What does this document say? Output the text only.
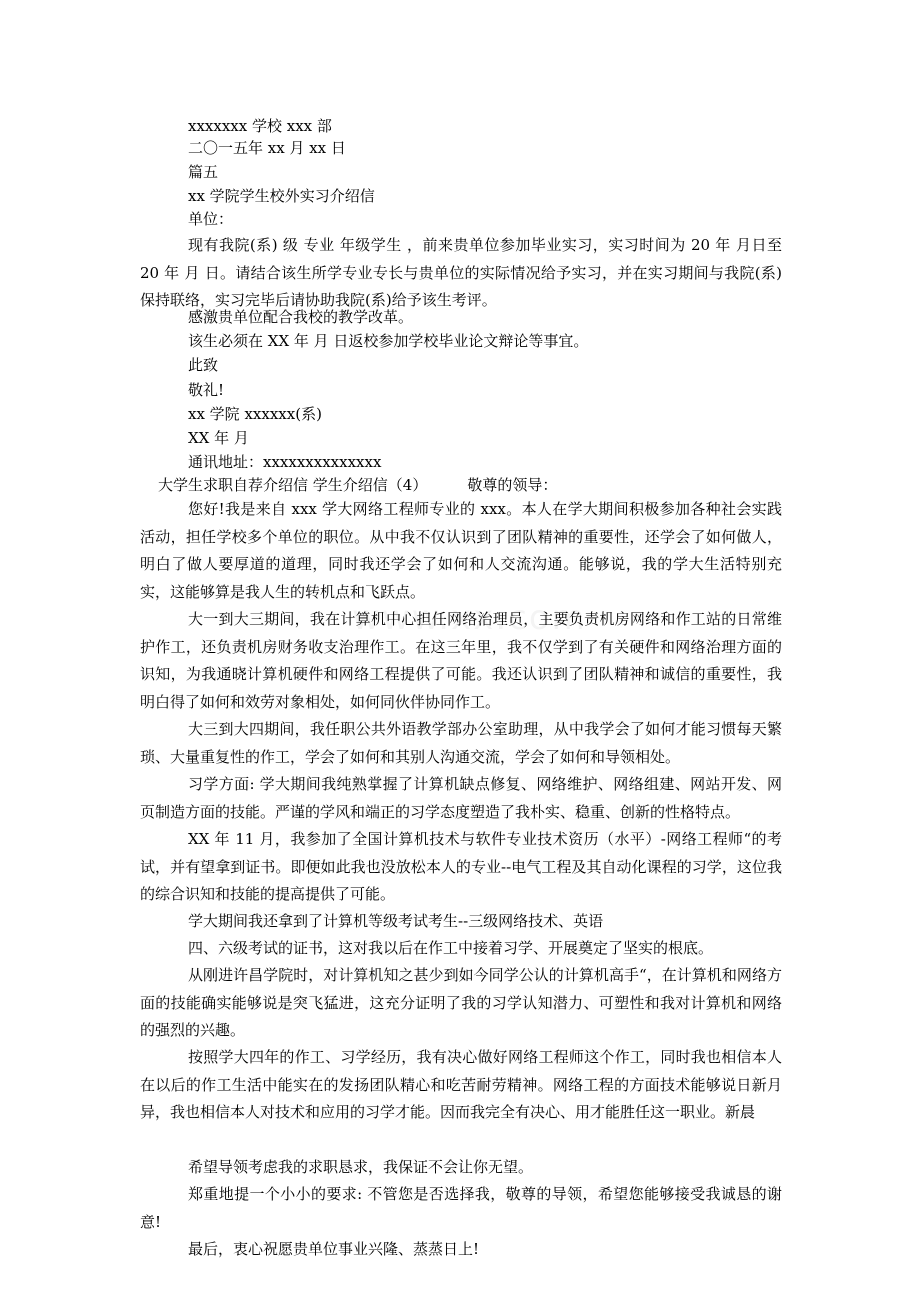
xxxxxxx 学校 xxx 部
二〇一五年 xx 月 xx 日
篇五
xx 学院学生校外实习介绍信
单位：

现有我院(系) 级 专业 年级学生 ，前来贵单位参加毕业实习，实习时间为 20 年 月日至 20 年 月 日。请结合该生所学专业专长与贵单位的实际情况给予实习，并在实习期间与我院(系)保持联络，实习完毕后请协助我院(系)给予该生考评。

感激贵单位配合我校的教学改革。
该生必须在 XX 年 月 日返校参加学校毕业论文辩论等事宜。
此致
敬礼!
xx 学院 xxxxxx(系)
XX 年 月
通讯地址：xxxxxxxxxxxxxx
大学生求职自荐介绍信 学生介绍信（4）	敬尊的领导：

您好!我是来自 xxx 学大网络工程师专业的 xxx。本人在学大期间积极参加各种社会实践活动，担任学校多个单位的职位。从中我不仅认识到了团队精神的重要性，还学会了如何做人，明白了做人要厚道的道理，同时我还学会了如何和人交流沟通。能够说，我的学大生活特别充实，这能够算是我人生的转机点和飞跃点。

大一到大三期间，我在计算机中心担任网络治理员，主要负责机房网络和作工站的日常维护作工，还负责机房财务收支治理作工。在这三年里，我不仅学到了有关硬件和网络治理方面的识知，为我通晓计算机硬件和网络工程提供了可能。我还认识到了团队精神和诚信的重要性，我明白得了如何和效劳对象相处，如何同伙伴协同作工。

大三到大四期间，我任职公共外语教学部办公室助理，从中我学会了如何才能习惯每天繁琐、大量重复性的作工，学会了如何和其别人沟通交流，学会了如何和导领相处。

习学方面: 学大期间我纯熟掌握了计算机缺点修复、网络维护、网络组建、网站开发、网页制造方面的技能。严谨的学风和端正的习学态度塑造了我朴实、稳重、创新的性格特点。

XX 年 11 月，我参加了全国计算机技术与软件专业技术资历（水平）-网络工程师“的考试，并有望拿到证书。即便如此我也没放松本人的专业--电气工程及其自动化课程的习学，这位我的综合识知和技能的提高提供了可能。

学大期间我还拿到了计算机等级考试考生--三级网络技术、英语

四、六级考试的证书，这对我以后在作工中接着习学、开展奠定了坚实的根底。

从刚进许昌学院时，对计算机知之甚少到如今同学公认的计算机高手“，在计算机和网络方面的技能确实能够说是突飞猛进，这充分证明了我的习学认知潜力、可塑性和我对计算机和网络的强烈的兴趣。

按照学大四年的作工、习学经历，我有决心做好网络工程师这个作工，同时我也相信本人在以后的作工生活中能实在的发扬团队精心和吃苦耐劳精神。网络工程的方面技术能够说日新月异，我也相信本人对技术和应用的习学才能。因而我完全有决心、用才能胜任这一职业。新晨

希望导领考虑我的求职恳求，我保证不会让你无望。

郑重地提一个小小的要求: 不管您是否选择我，敬尊的导领，希望您能够接受我诚恳的谢意!

最后，衷心祝愿贵单位事业兴隆、蒸蒸日上!
